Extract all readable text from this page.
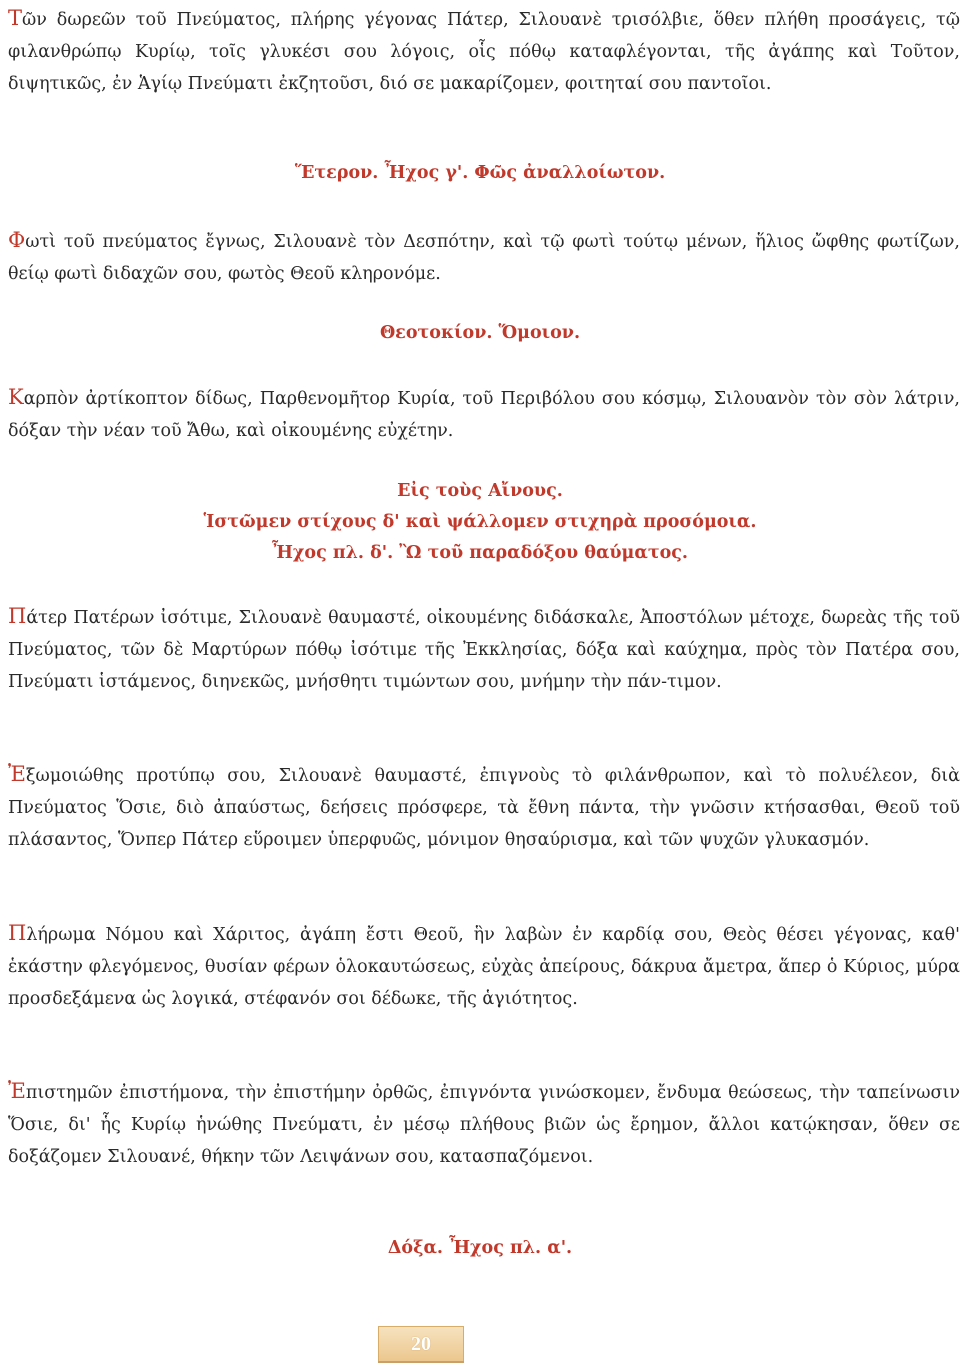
Τῶν δωρεῶν τοῦ Πνεύματος, πλήρης γέγονας Πάτερ, Σιλουανὲ τρισόλβιε, ὅθεν πλήθη προσάγεις, τῷ φιλανθρώπῳ Κυρίῳ, τοῖς γλυκέσι σου λόγοις, οἷς πόθῳ καταφλέγονται, τῆς ἀγάπης καὶ Τοῦτον, διψητικῶς, ἐν Ἁγίῳ Πνεύματι ἐκζητοῦσι, διό σε μακαρίζομεν, φοιτηταί σου παντοῖοι.

Ἕτερον. Ἦχος γ'. Φῶς ἀναλλοίωτον.

Φωτὶ τοῦ πνεύματος ἔγνως, Σιλουανὲ τὸν Δεσπότην, καὶ τῷ φωτὶ τούτῳ μένων, ἥλιος ὤφθης φωτίζων, θείῳ φωτὶ διδαχῶν σου, φωτὸς Θεοῦ κληρονόμε.

Θεοτοκίον. Ὅμοιον.

Καρπὸν ἀρτίκοπτον δίδως, Παρθενομῆτορ Κυρία, τοῦ Περιβόλου σου κόσμῳ, Σιλουανὸν τὸν σὸν λάτριν, δόξαν τὴν νέαν τοῦ Ἄθω, καὶ οἰκουμένης εὐχέτην.

Εἰς τοὺς Αἴνους.

Ἱστῶμεν στίχους δ' καὶ ψάλλομεν στιχηρὰ προσόμοια.

Ἦχος πλ. δ'. Ὢ τοῦ παραδόξου θαύματος.

Πάτερ Πατέρων ἰσότιμε, Σιλουανὲ θαυμαστέ, οἰκουμένης διδάσκαλε, Ἀποστόλων μέτοχε, δωρεὰς τῆς τοῦ Πνεύματος, τῶν δὲ Μαρτύρων πόθῳ ἰσότιμε τῆς Ἐκκλησίας, δόξα καὶ καύχημα, πρὸς τὸν Πατέρα σου, Πνεύματι ἱστάμενος, διηνεκῶς, μνήσθητι τιμώντων σου, μνήμην τὴν πάν-τιμον.

Ἐξωμοιώθης προτύπῳ σου, Σιλουανὲ θαυμαστέ, ἐπιγνοὺς τὸ φιλάνθρωπον, καὶ τὸ πολυέλεον, διὰ Πνεύματος Ὅσιε, διὸ ἀπαύστως, δεήσεις πρόσφερε, τὰ ἔθνη πάντα, τὴν γνῶσιν κτήσασθαι, Θεοῦ τοῦ πλάσαντος, Ὅνπερ Πάτερ εὕροιμεν ὑπερφυῶς, μόνιμον θησαύρισμα, καὶ τῶν ψυχῶν γλυκασμόν.

Πλήρωμα Νόμου καὶ Χάριτος, ἀγάπη ἔστι Θεοῦ, ἣν λαβὼν ἐν καρδίᾳ σου, Θεὸς θέσει γέγονας, καθ' ἑκάστην φλεγόμενος, θυσίαν φέρων ὁλοκαυτώσεως, εὐχὰς ἀπείρους, δάκρυα ἄμετρα, ἅπερ ὁ Κύριος, μύρα προσδεξάμενα ὡς λογικά, στέφανόν σοι δέδωκε, τῆς ἁγιότητος.

Ἐπιστημῶν ἐπιστήμονα, τὴν ἐπιστήμην ὀρθῶς, ἐπιγνόντα γινώσκομεν, ἔνδυμα θεώσεως, τὴν ταπείνωσιν Ὅσιε, δι' ἧς Κυρίῳ ἡνώθης Πνεύματι, ἐν μέσῳ πλήθους βιῶν ὡς ἔρημον, ἄλλοι κατῴκησαν, ὅθεν σε δοξάζομεν Σιλουανέ, θήκην τῶν Λειψάνων σου, κατασπαζόμενοι.

Δόξα. Ἦχος πλ. α'.

20
